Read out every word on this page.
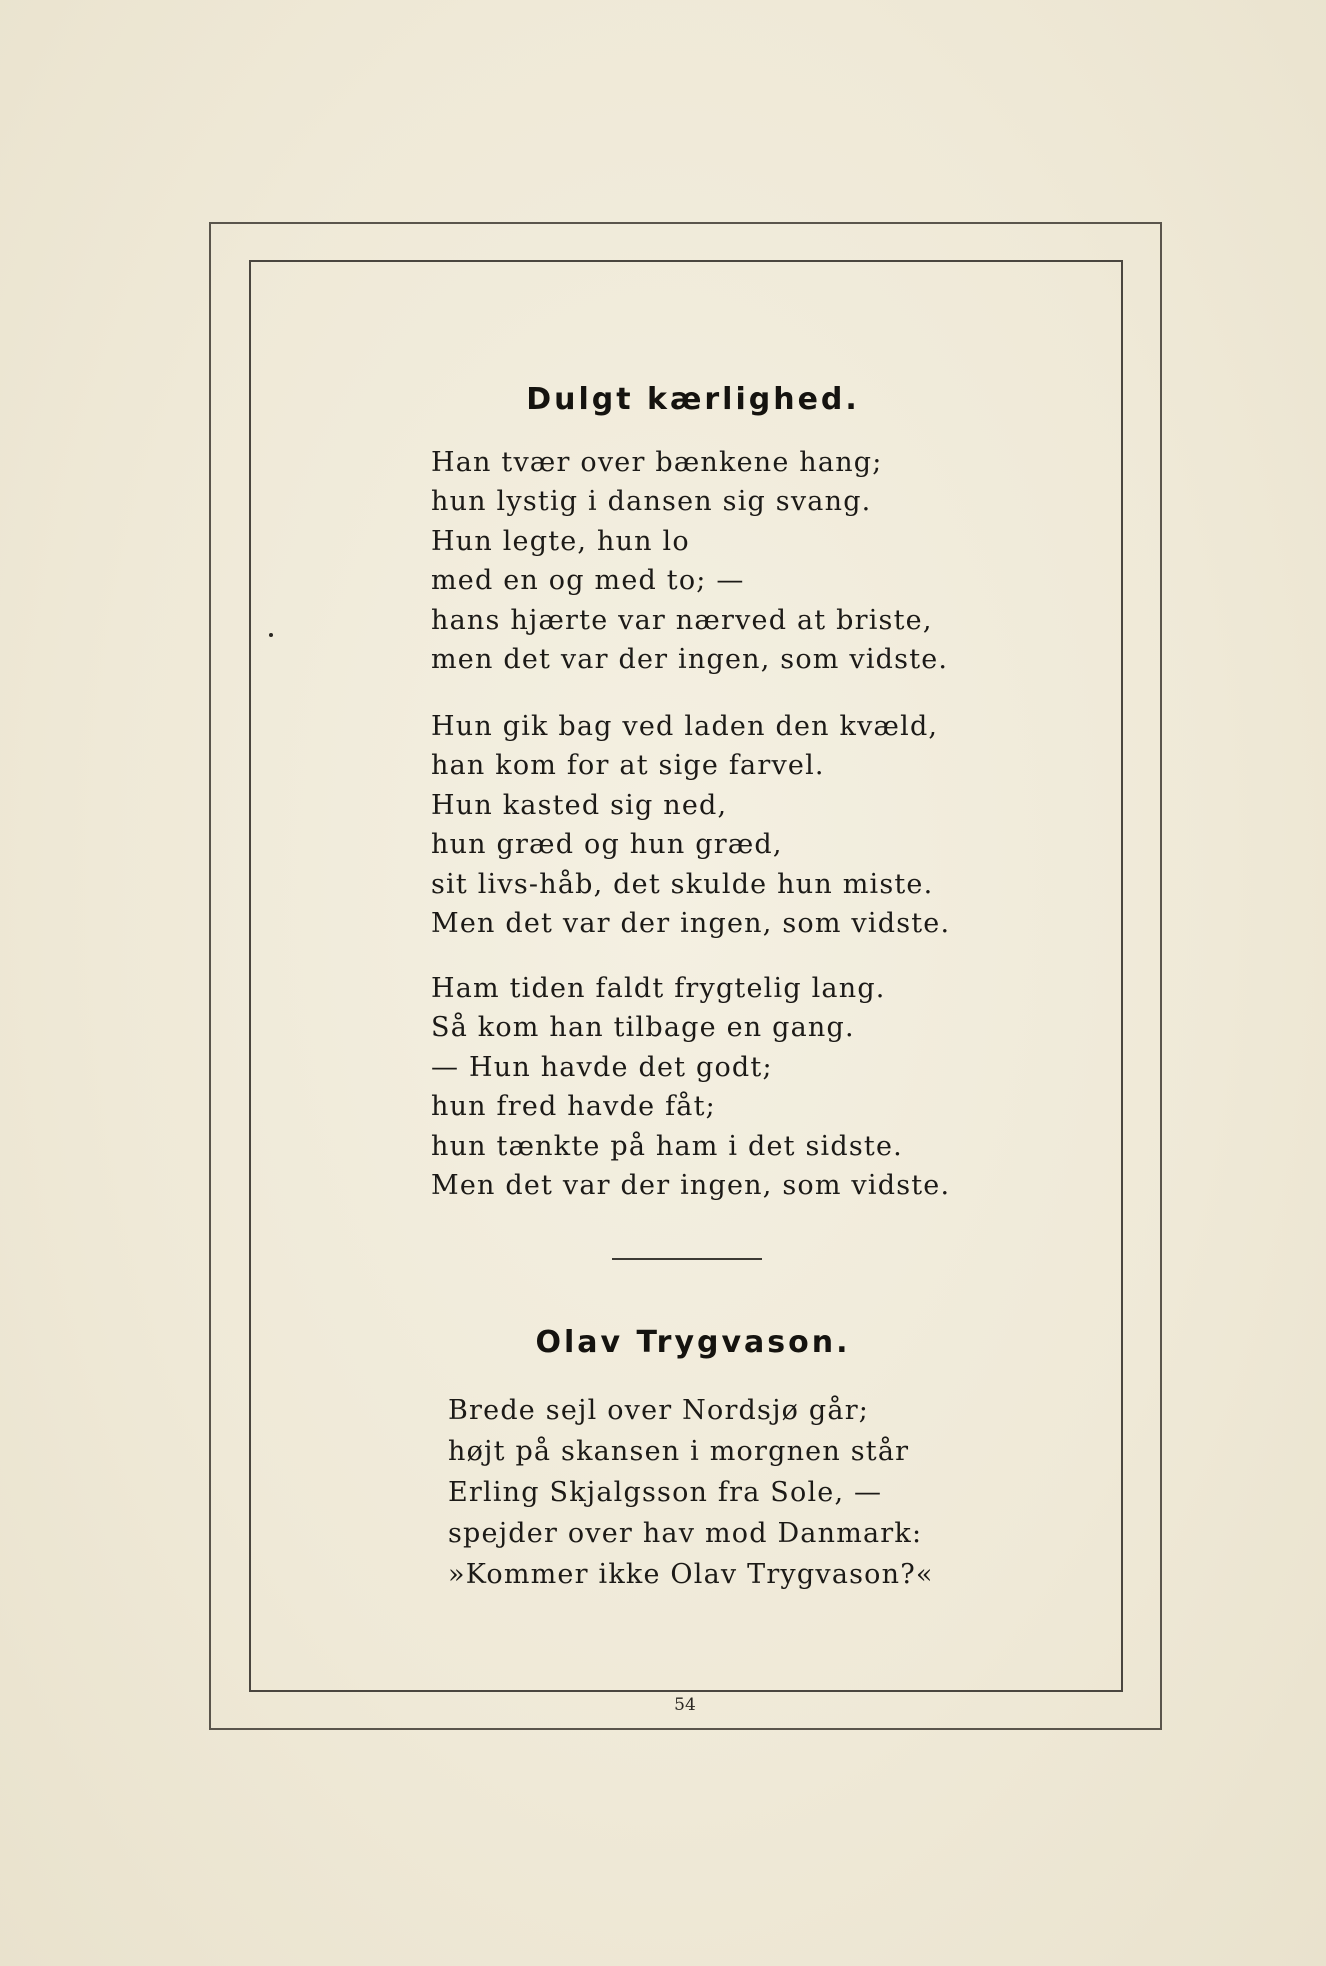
Dulgt kærlighed.
Han tvær over bænkene hang;
hun lystig i dansen sig svang.
Hun legte, hun lo
med en og med to; —
hans hjærte var nærved at briste,
men det var der ingen, som vidste.
Hun gik bag ved laden den kvæld,
han kom for at sige farvel.
Hun kasted sig ned,
hun græd og hun græd,
sit livs-håb, det skulde hun miste.
Men det var der ingen, som vidste.
Ham tiden faldt frygtelig lang.
Så kom han tilbage en gang.
— Hun havde det godt;
hun fred havde fåt;
hun tænkte på ham i det sidste.
Men det var der ingen, som vidste.
Olav Trygvason.
Brede sejl over Nordsjø går;
højt på skansen i morgnen står
Erling Skjalgsson fra Sole, —
spejder over hav mod Danmark:
»Kommer ikke Olav Trygvason?«
54
